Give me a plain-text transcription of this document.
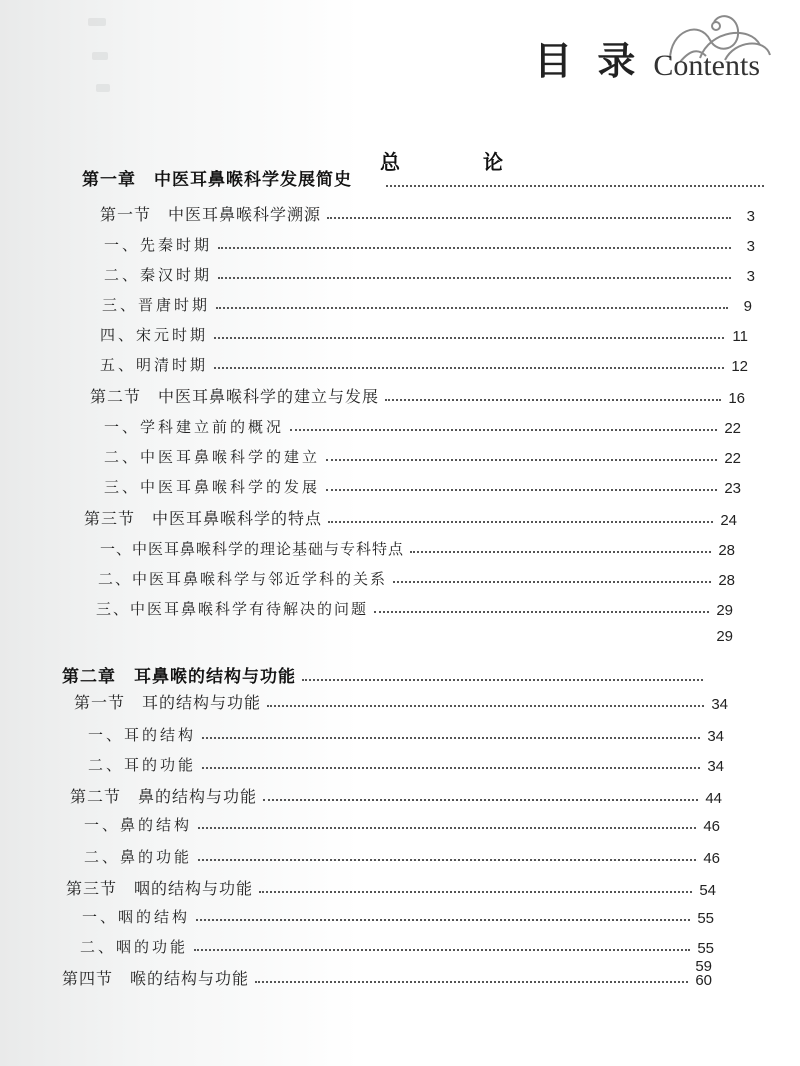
目 录 Contents
总 论
第一章　中医耳鼻喉科学发展简史
第一节　中医耳鼻喉科学溯源	3
一、先秦时期	3
二、秦汉时期	3
三、晋唐时期	9
四、宋元时期	11
五、明清时期	12
第二节　中医耳鼻喉科学的建立与发展	16
一、学科建立前的概况	22
二、中医耳鼻喉科学的建立	22
三、中医耳鼻喉科学的发展	23
第三节　中医耳鼻喉科学的特点	24
一、中医耳鼻喉科学的理论基础与专科特点	28
二、中医耳鼻喉科学与邻近学科的关系	28
三、中医耳鼻喉科学有待解决的问题	29
29
第二章　耳鼻喉的结构与功能
第一节　耳的结构与功能	34
一、耳的结构	34
二、耳的功能	34
第二节　鼻的结构与功能	44
一、鼻的结构	46
二、鼻的功能	46
第三节　咽的结构与功能	54
一、咽的结构	55
二、咽的功能	55
59
第四节　喉的结构与功能	60
